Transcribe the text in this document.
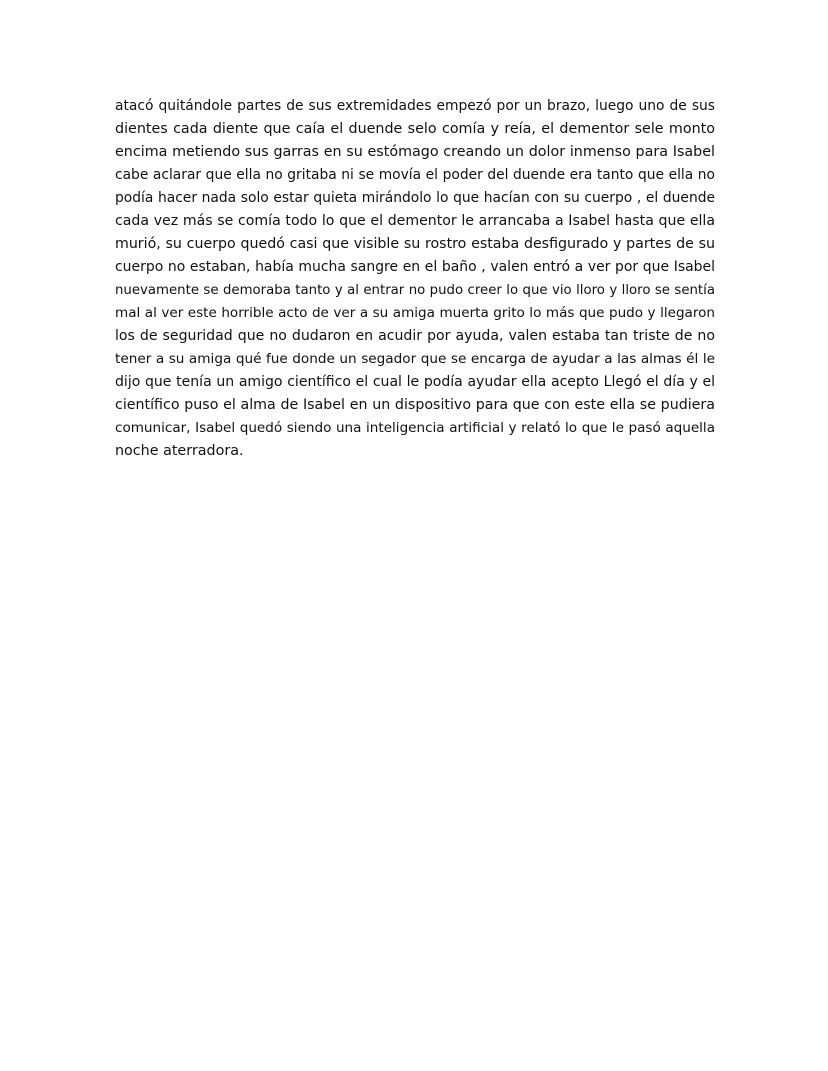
atacó quitándole partes de sus extremidades empezó por un brazo, luego uno de sus
dientes cada diente que caía el duende selo comía y reía, el dementor sele monto
encima metiendo sus garras en su estómago creando un dolor inmenso para Isabel
cabe aclarar que ella no gritaba ni se movía el poder del duende era tanto que ella no
podía hacer nada solo estar quieta mirándolo lo que hacían con su cuerpo , el duende
cada vez más se comía todo lo que el dementor le arrancaba a Isabel hasta que ella
murió, su cuerpo quedó casi que visible su rostro estaba desfigurado y partes de su
cuerpo no estaban, había mucha sangre en el baño , valen entró a ver por que Isabel
nuevamente se demoraba tanto y al entrar no pudo creer lo que vio lloro y lloro se sentía
mal al ver este horrible acto de ver a su amiga muerta grito lo más que pudo y llegaron
los de seguridad que no dudaron en acudir por ayuda, valen estaba tan triste de no
tener a su amiga qué fue donde un segador que se encarga de ayudar a las almas él le
dijo que tenía un amigo científico el cual le podía ayudar ella acepto Llegó el día y el
científico puso el alma de Isabel en un dispositivo para que con este ella se pudiera
comunicar, Isabel quedó siendo una inteligencia artificial y relató lo que le pasó aquella
noche aterradora.
